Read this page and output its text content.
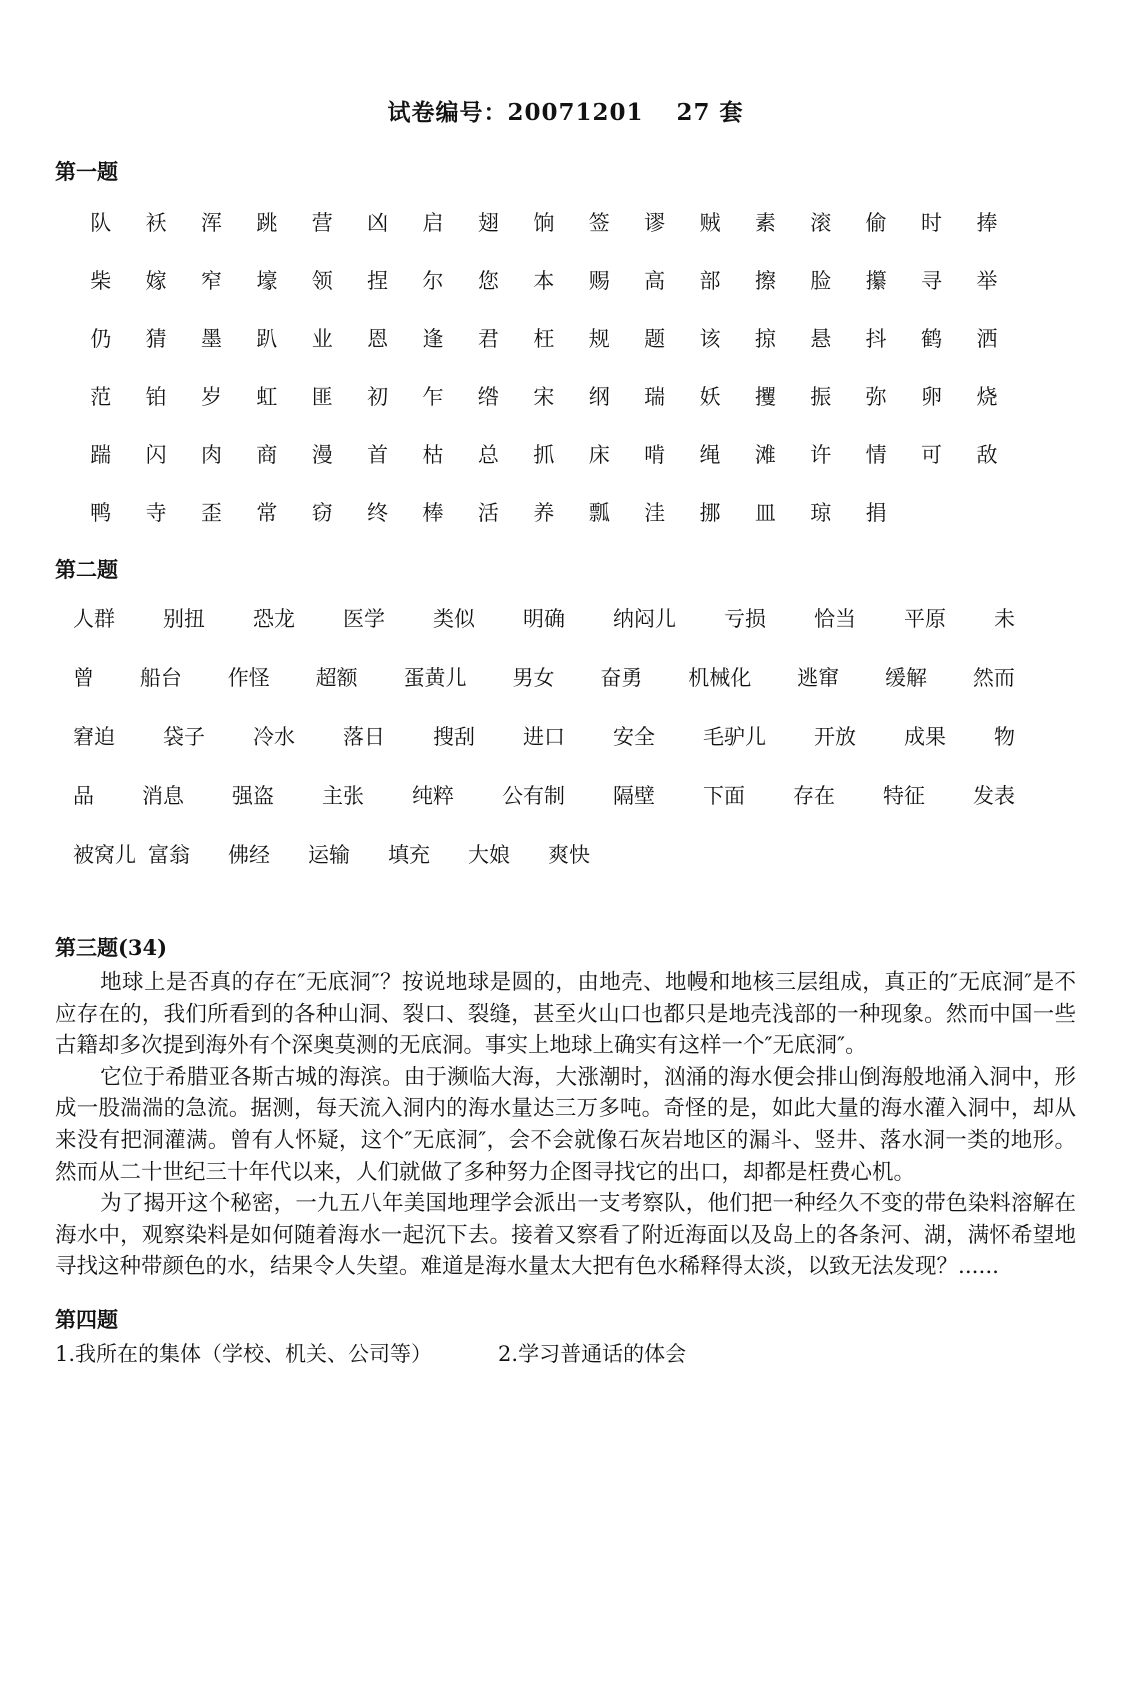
试卷编号：20071201　 27 套
第一题
队	袄	浑	跳	营	凶	启	翅	饷	签	谬	贼	素	滚	偷	时	捧
柴	嫁	窄	壕	领	捏	尔	您	本	赐	高	部	擦	脸	攥	寻	举
仍	猜	墨	趴	业	恩	逢	君	枉	规	题	该	掠	悬	抖	鹤	洒
范	铂	岁	虹	匪	初	乍	绺	宋	纲	瑞	妖	攫	振	弥	卵	烧
踹	闪	肉	商	漫	首	枯	总	抓	床	啃	绳	滩	许	情	可	敌
鸭	寺	歪	常	窃	终	棒	活	养	瓢	洼	挪	皿	琼	捐
第二题
人群 别扭 恐龙 医学 类似 明确 纳闷儿 亏损 恰当 平原 未
曾 船台 作怪 超额 蛋黄儿 男女 奋勇 机械化 逃窜 缓解 然而
窘迫 袋子 冷水 落日 搜刮 进口 安全 毛驴儿 开放 成果 物
品 消息 强盗 主张 纯粹 公有制 隔壁 下面 存在 特征 发表
被窝儿 富翁 佛经 运输 填充 大娘 爽快
第三题(34)

地球上是否真的存在″无底洞″？按说地球是圆的，由地壳、地幔和地核三层组成，真正的″无底洞″是不应存在的，我们所看到的各种山洞、裂口、裂缝，甚至火山口也都只是地壳浅部的一种现象。然而中国一些古籍却多次提到海外有个深奥莫测的无底洞。事实上地球上确实有这样一个″无底洞″。

它位于希腊亚各斯古城的海滨。由于濒临大海，大涨潮时，汹涌的海水便会排山倒海般地涌入洞中，形成一股湍湍的急流。据测，每天流入洞内的海水量达三万多吨。奇怪的是，如此大量的海水灌入洞中，却从来没有把洞灌满。曾有人怀疑，这个″无底洞″，会不会就像石灰岩地区的漏斗、竖井、落水洞一类的地形。然而从二十世纪三十年代以来，人们就做了多种努力企图寻找它的出口，却都是枉费心机。

为了揭开这个秘密，一九五八年美国地理学会派出一支考察队，他们把一种经久不变的带色染料溶解在海水中，观察染料是如何随着海水一起沉下去。接着又察看了附近海面以及岛上的各条河、湖，满怀希望地寻找这种带颜色的水，结果令人失望。难道是海水量太大把有色水稀释得太淡，以致无法发现？......

第四题
1.我所在的集体（学校、机关、公司等）	2.学习普通话的体会
